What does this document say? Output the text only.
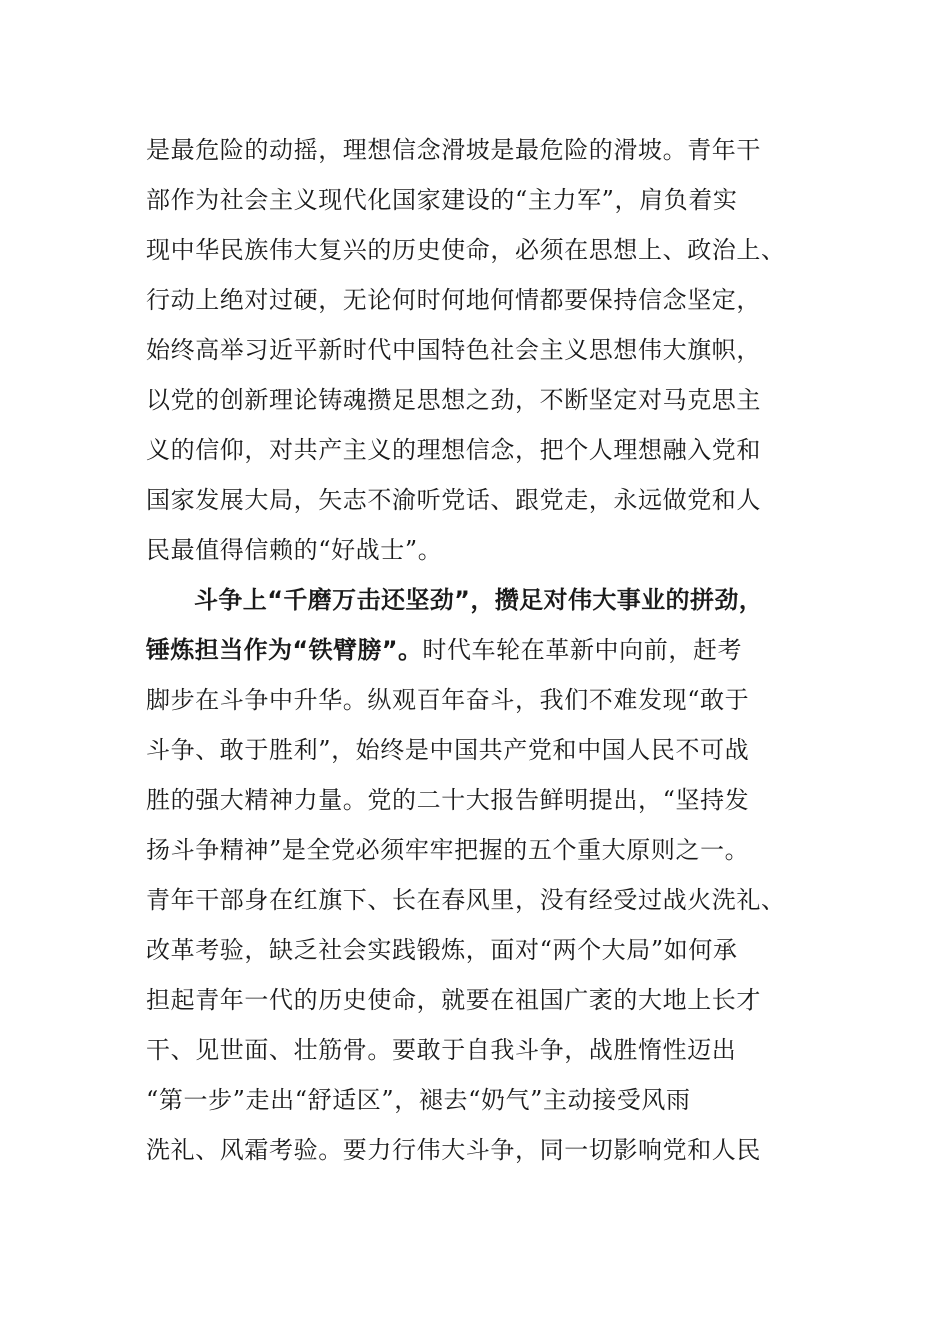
是最危险的动摇，理想信念滑坡是最危险的滑坡。青年干
部作为社会主义现代化国家建设的“主力军”，肩负着实
现中华民族伟大复兴的历史使命，必须在思想上、政治上、
行动上绝对过硬，无论何时何地何情都要保持信念坚定，
始终高举习近平新时代中国特色社会主义思想伟大旗帜，
以党的创新理论铸魂攒足思想之劲，不断坚定对马克思主
义的信仰，对共产主义的理想信念，把个人理想融入党和
国家发展大局，矢志不渝听党话、跟党走，永远做党和人
民最值得信赖的“好战士”。
斗争上“千磨万击还坚劲”，攒足对伟大事业的拼劲，
锤炼担当作为“铁臂膀”。时代车轮在革新中向前，赶考
脚步在斗争中升华。纵观百年奋斗，我们不难发现“敢于
斗争、敢于胜利”，始终是中国共产党和中国人民不可战
胜的强大精神力量。党的二十大报告鲜明提出，“坚持发
扬斗争精神”是全党必须牢牢把握的五个重大原则之一。
青年干部身在红旗下、长在春风里，没有经受过战火洗礼、
改革考验，缺乏社会实践锻炼，面对“两个大局”如何承
担起青年一代的历史使命，就要在祖国广袤的大地上长才
干、见世面、壮筋骨。要敢于自我斗争，战胜惰性迈出
“第一步”走出“舒适区”，褪去“奶气”主动接受风雨
洗礼、风霜考验。要力行伟大斗争，同一切影响党和人民
